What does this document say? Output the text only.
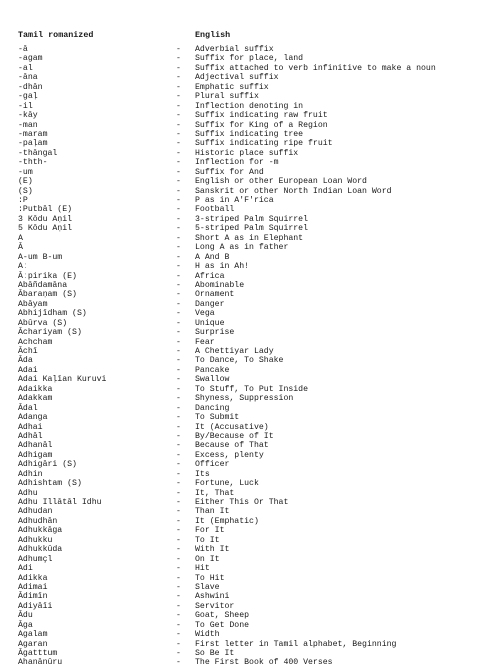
Tamil romanized	English
-ā	- Adverbial suffix
-agam	- Suffix for place, land
-al	- Suffix attached to verb infinitive to make a noun
-āna	- Adjectival suffix
-dhān	- Emphatic suffix
-gaḷ	- Plural suffix
-il	- Inflection denoting in
-kāy	- Suffix indicating raw fruit
-man	- Suffix for King of a Region
-maram	- Suffix indicating tree
-paḷam	- Suffix indicating ripe fruit
-thāngal	- Historic place suffix
-thth-	- Inflection for -m
-um	- Suffix for And
(E)	- English or other European Loan Word
(S)	- Sanskrit or other North Indian Loan Word
:P	- P as in A'F'rica
:Putbāl (E)	- Football
3 Kōdu Aṇil	- 3-striped Palm Squirrel
5 Kōdu Aṇil	- 5-striped Palm Squirrel
A	- Short A as in Elephant
Ā	- Long A as in father
A-um B-um	- A And B
Aː	- H as in Ah!
Āːpirika (E)	- Africa
Abāñdamāna	- Abominable
Ābaraṇam (S)	- Ornament
Abāyam	- Danger
Abhijīdham (S)	- Vega
Abūrva (S)	- Unique
Āchariyam (S)	- Surprise
Achcham	- Fear
Āchī	- A Chettiyar Lady
Āda	- To Dance, To Shake
Adai	- Pancake
Adai Kaḷīan Kuruvi	- Swallow
Adaikka	- To Stuff, To Put Inside
Adakkam	- Shyness, Suppression
Ādal	- Dancing
Adanga	- To Submit
Adhai	- It (Accusative)
Adhāl	- By/Because of It
Adhanāl	- Because of That
Adhigam	- Excess, plenty
Adhigāri (S)	- Officer
Adhin	- Its
Adhishtam (S)	- Fortune, Luck
Adhu	- It, That
Adhu Illātāl Idhu	- Either This Or That
Adhudan	- Than It
Adhudhān	- It (Emphatic)
Adhukkāga	- For It
Adhukku	- To It
Adhukkūda	- With It
Adhumçl	- On It
Adi	- Hit
Adikka	- To Hit
Adimai	- Slave
Ādimīn	- Ashwini
Adiyāīi	- Servitor
Ādu	- Goat, Sheep
Āga	- To Get Done
Agalam	- Width
Agaran	- First letter in Tamil alphabet, Beginning
Āgatttum	- So Be It
Ahanānūru	- The First Book of 400 Verses
